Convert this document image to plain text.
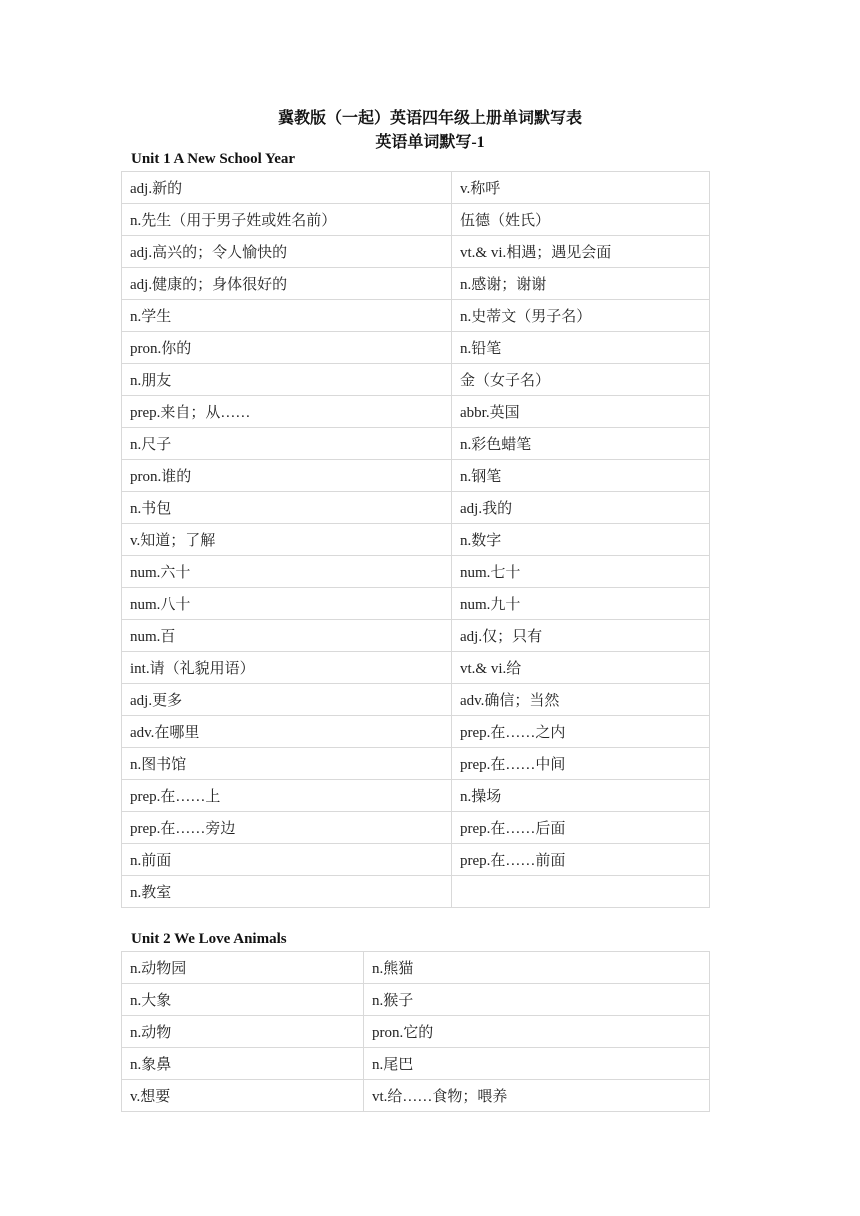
冀教版（一起）英语四年级上册单词默写表
英语单词默写-1
Unit 1 A New School Year
adj.新的	v.称呼
n.先生（用于男子姓或姓名前）	伍德（姓氏）
adj.高兴的；令人愉快的	vt.& vi.相遇；遇见会面
adj.健康的；身体很好的	n.感谢；谢谢
n.学生	n.史蒂文（男子名）
pron.你的	n.铅笔
n.朋友	金（女子名）
prep.来自；从……	abbr.英国
n.尺子	n.彩色蜡笔
pron.谁的	n.钢笔
n.书包	adj.我的
v.知道；了解	n.数字
num.六十	num.七十
num.八十	num.九十
num.百	adj.仅；只有
int.请（礼貌用语）	vt.& vi.给
adj.更多	adv.确信；当然
adv.在哪里	prep.在……之内
n.图书馆	prep.在……中间
prep.在……上	n.操场
prep.在……旁边	prep.在……后面
n.前面	prep.在……前面
n.教室	
Unit 2 We Love Animals
n.动物园	n.熊猫
n.大象	n.猴子
n.动物	pron.它的
n.象鼻	n.尾巴
v.想要	vt.给……食物；喂养
